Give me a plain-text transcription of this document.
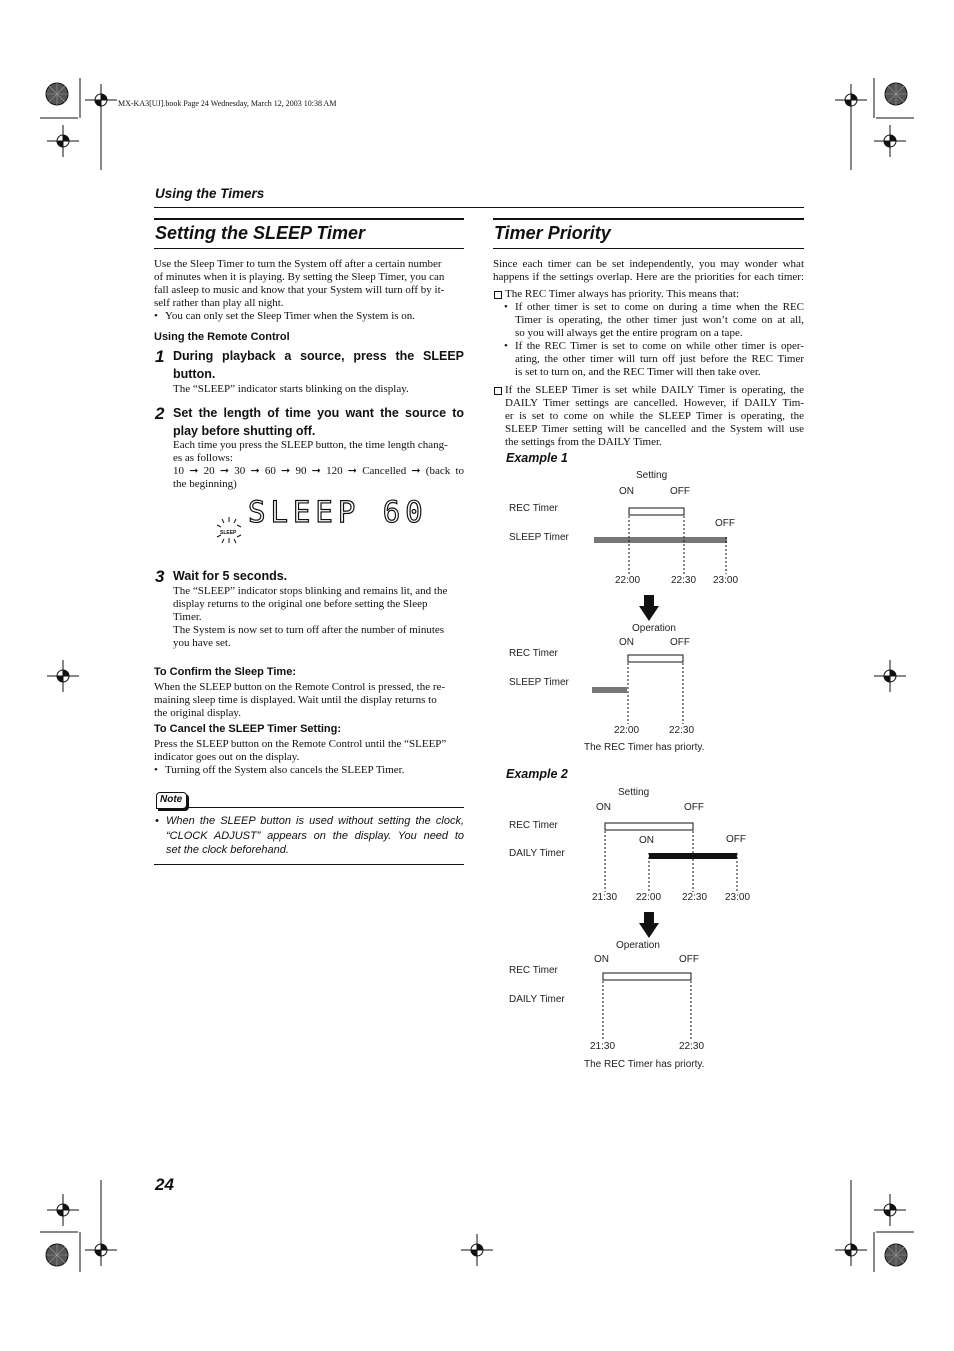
MX-KA3[UJ].book Page 24 Wednesday, March 12, 2003 10:38 AM
Using the Timers
Setting the SLEEP Timer
Use the Sleep Timer to turn the System off after a certain number
of minutes when it is playing. By setting the Sleep Timer, you can
fall asleep to music and know that your System will turn off by it-
self rather than play all night.
• You can only set the Sleep Timer when the System is on.
Using the Remote Control
1 During playback a source, press the SLEEP
button.
The “SLEEP” indicator starts blinking on the display.
2 Set the length of time you want the source to
play before shutting off.
Each time you press the SLEEP button, the time length chang-
es as follows:
10 ➞ 20 ➞ 30 ➞ 60 ➞ 90 ➞ 120 ➞ Cancelled ➞ (back to
the beginning)
SLEEP
SLEEP 60
3 Wait for 5 seconds.
The “SLEEP” indicator stops blinking and remains lit, and the
display returns to the original one before setting the Sleep
Timer.
The System is now set to turn off after the number of minutes
you have set.
To Confirm the Sleep Time:
When the SLEEP button on the Remote Control is pressed, the re-
maining sleep time is displayed. Wait until the display returns to
the original display.
To Cancel the SLEEP Timer Setting:
Press the SLEEP button on the Remote Control until the “SLEEP”
indicator goes out on the display.
• Turning off the System also cancels the SLEEP Timer.
Note
• When the SLEEP button is used without setting the clock,
“CLOCK ADJUST” appears on the display. You need to
set the clock beforehand.
Timer Priority
Since each timer can be set independently, you may wonder what
happens if the settings overlap. Here are the priorities for each timer:
The REC Timer always has priority. This means that:
• If other timer is set to come on during a time when the REC
Timer is operating, the other timer just won’t come on at all,
so you will always get the entire program on a tape.
• If the REC Timer is set to come on while other timer is oper-
ating, the other timer will turn off just before the REC Timer
is set to turn on, and the REC Timer will then take over.
If the SLEEP Timer is set while DAILY Timer is operating, the
DAILY Timer settings are cancelled. However, if DAILY Tim-
er is set to come on while the SLEEP Timer is operating, the
SLEEP Timer setting will be cancelled and the System will use
the settings from the DAILY Timer.
Example 1
Setting
ON	OFF
REC Timer
OFF
SLEEP Timer
22:00	22:30 23:00
Operation
ON	OFF
REC Timer
SLEEP Timer
22:00	22:30
The REC Timer has priorty.
Example 2
Setting
ON	OFF
REC Timer
ON	OFF
DAILY Timer
21:30 22:00 22:30 23:00
Operation
ON	OFF
REC Timer
DAILY Timer
21:30	22:30
The REC Timer has priorty.
24
